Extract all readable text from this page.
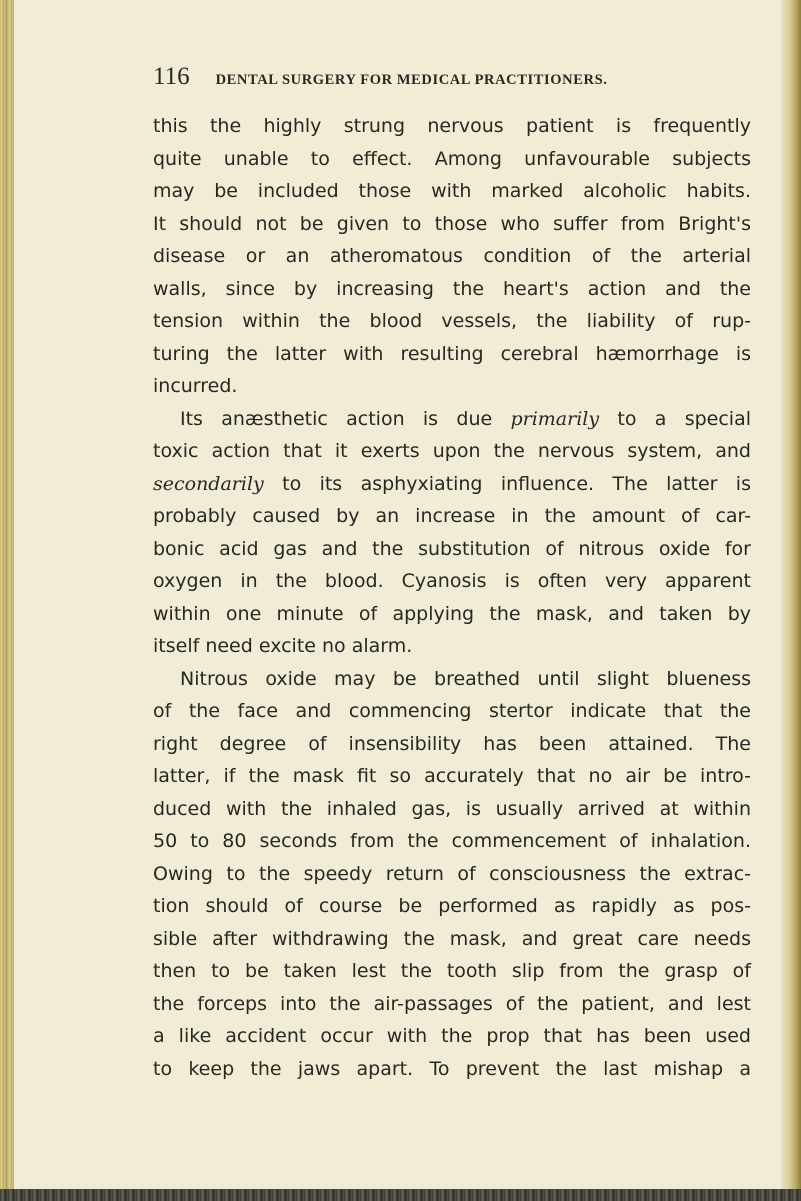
116 DENTAL SURGERY FOR MEDICAL PRACTITIONERS.
this the highly strung nervous patient is frequently
quite unable to effect. Among unfavourable subjects
may be included those with marked alcoholic habits.
It should not be given to those who suffer from Bright's
disease or an atheromatous condition of the arterial
walls, since by increasing the heart's action and the
tension within the blood vessels, the liability of rup-
turing the latter with resulting cerebral hæmorrhage is
incurred.
Its anæsthetic action is due primarily to a special
toxic action that it exerts upon the nervous system, and
secondarily to its asphyxiating influence. The latter is
probably caused by an increase in the amount of car-
bonic acid gas and the substitution of nitrous oxide for
oxygen in the blood. Cyanosis is often very apparent
within one minute of applying the mask, and taken by
itself need excite no alarm.
Nitrous oxide may be breathed until slight blueness
of the face and commencing stertor indicate that the
right degree of insensibility has been attained. The
latter, if the mask fit so accurately that no air be intro-
duced with the inhaled gas, is usually arrived at within
50 to 80 seconds from the commencement of inhalation.
Owing to the speedy return of consciousness the extrac-
tion should of course be performed as rapidly as pos-
sible after withdrawing the mask, and great care needs
then to be taken lest the tooth slip from the grasp of
the forceps into the air-passages of the patient, and lest
a like accident occur with the prop that has been used
to keep the jaws apart. To prevent the last mishap a
